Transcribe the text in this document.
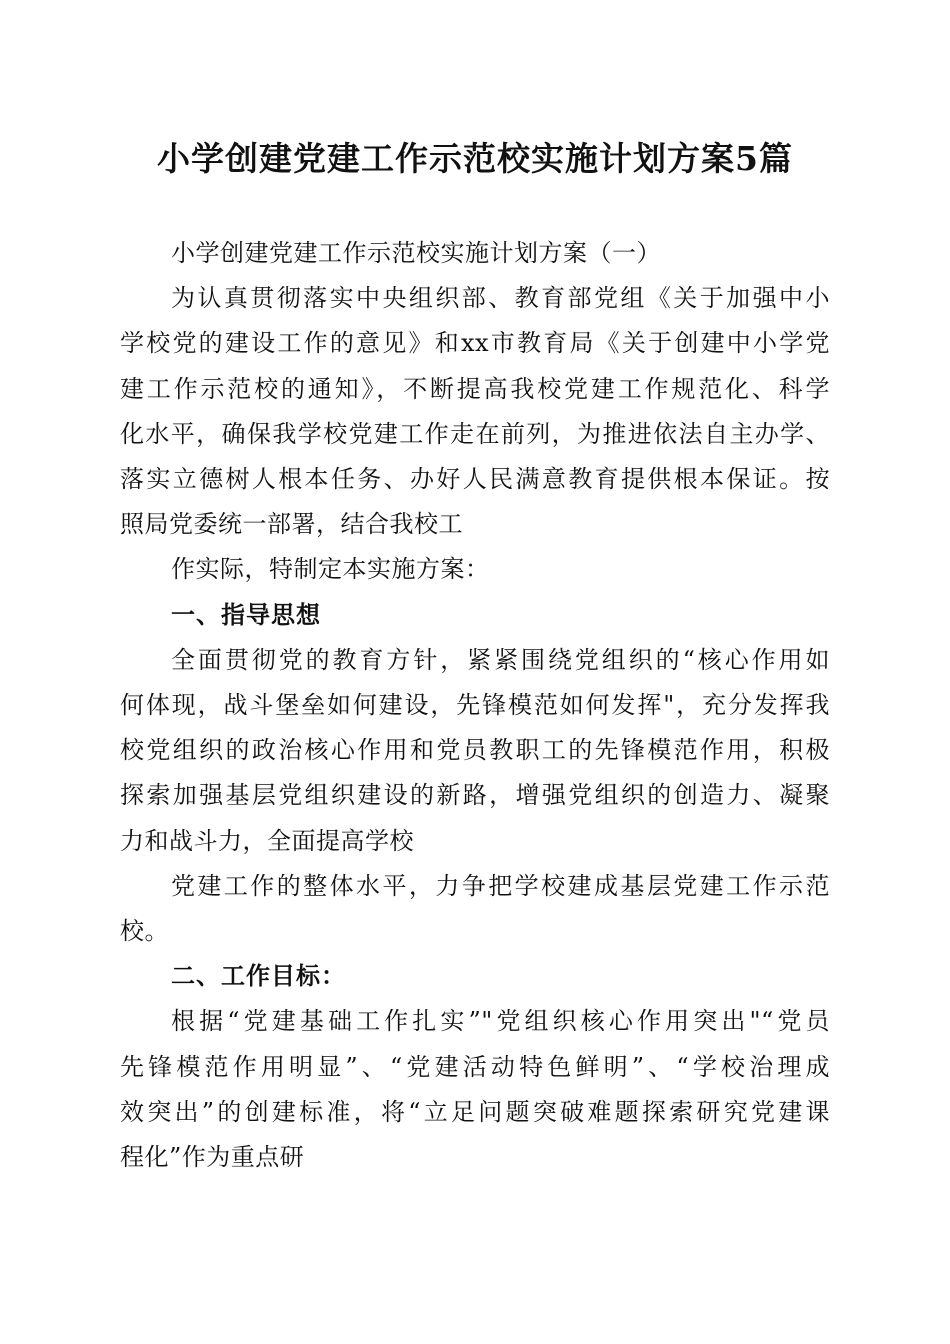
小学创建党建工作示范校实施计划方案5篇

小学创建党建工作示范校实施计划方案（一）

为认真贯彻落实中央组织部、教育部党组《关于加强中小
学校党的建设工作的意见》和xx市教育局《关于创建中小学党
建工作示范校的通知》，不断提高我校党建工作规范化、科学
化水平，确保我学校党建工作走在前列，为推进依法自主办学、
落实立德树人根本任务、办好人民满意教育提供根本保证。按
照局党委统一部署，结合我校工

作实际，特制定本实施方案：

一、指导思想

全面贯彻党的教育方针，紧紧围绕党组织的“核心作用如
何体现，战斗堡垒如何建设，先锋模范如何发挥"，充分发挥我
校党组织的政治核心作用和党员教职工的先锋模范作用，积极
探索加强基层党组织建设的新路，增强党组织的创造力、凝聚
力和战斗力，全面提高学校

党建工作的整体水平，力争把学校建成基层党建工作示范
校。

二、工作目标：

根据“党建基础工作扎实”"党组织核心作用突出"“党员
先锋模范作用明显”、“党建活动特色鲜明”、“学校治理成
效突出”的创建标准，将“立足问题突破难题探索研究党建课
程化”作为重点研
